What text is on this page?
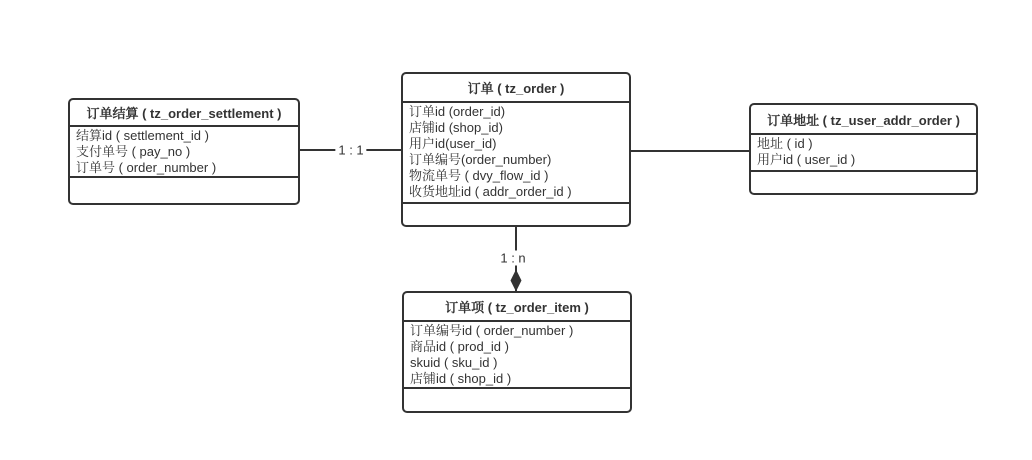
1 : 1
1 : n
订单结算 ( tz_order_settlement )
结算id ( settlement_id )
支付单号 ( pay_no )
订单号 ( order_number )
订单 ( tz_order )
订单id (order_id)
店铺id (shop_id)
用户id(user_id)
订单编号(order_number)
物流单号 ( dvy_flow_id )
收货地址id ( addr_order_id )
订单地址 ( tz_user_addr_order )
地址 ( id )
用户id ( user_id )
订单项 ( tz_order_item )
订单编号id ( order_number )
商品id ( prod_id )
skuid ( sku_id )
店铺id ( shop_id )
